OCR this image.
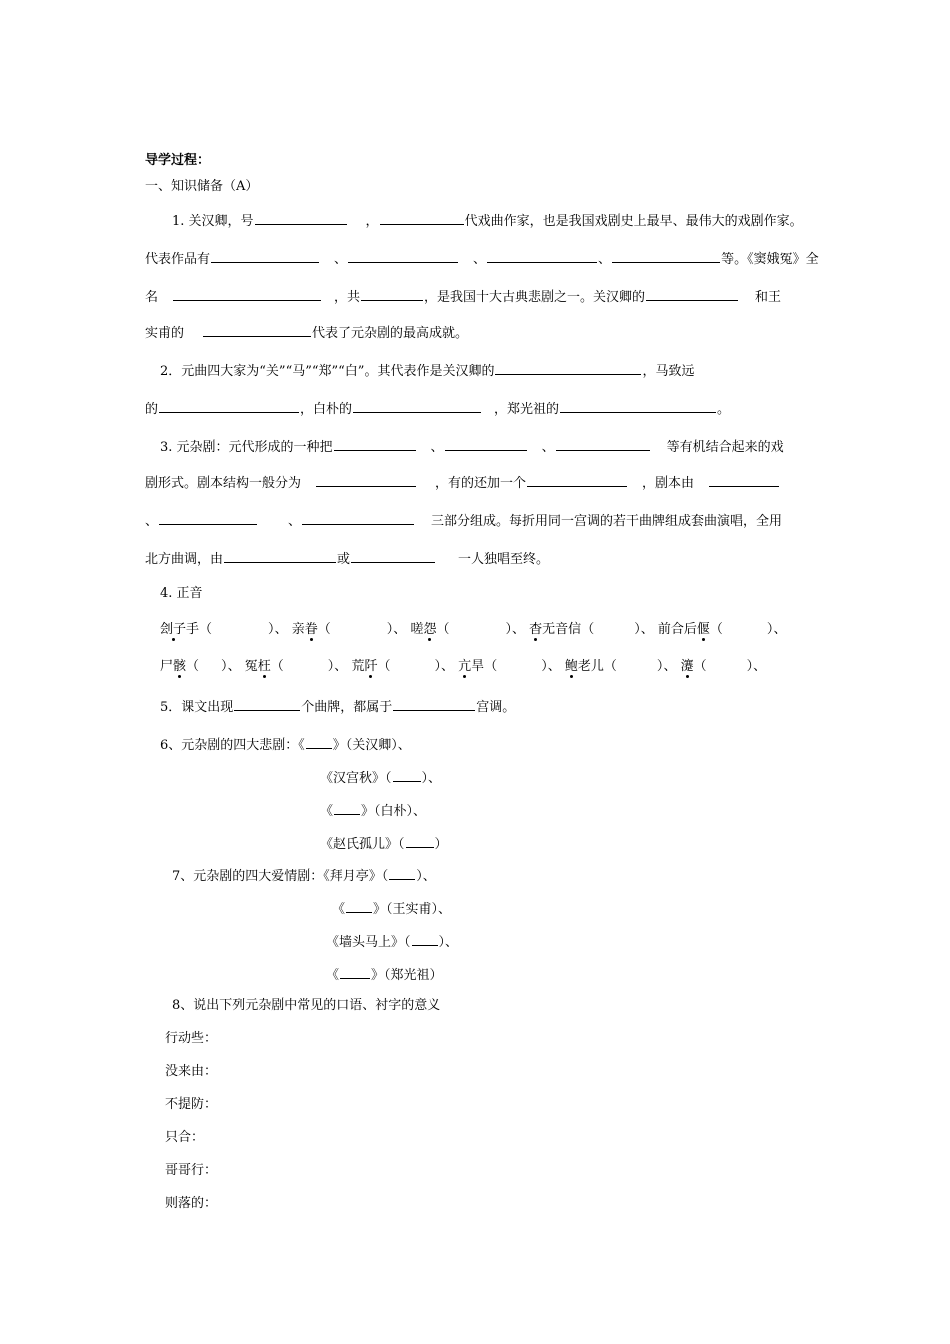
导学过程：
一、知识储备（A）
1. 关汉卿，号	，	代戏曲作家，也是我国戏剧史上最早、最伟大的戏剧作家。
代表作品有	、	、	、	等。《窦娥冤》全
名	，共	，是我国十大古典悲剧之一。关汉卿的	和王
实甫的	代表了元杂剧的最高成就。
2．元曲四大家为“关”“马”“郑”“白”。其代表作是关汉卿的	，马致远
的	，白朴的	，郑光祖的	。
3. 元杂剧：元代形成的一种把	、	、	等有机结合起来的戏
剧形式。剧本结构一般分为	，有的还加一个	，剧本由
、	、	三部分组成。每折用同一宫调的若干曲牌组成套曲演唱，全用
北方曲调，由	或	一人独唱至终。
4. 正音
刽子手（	）、 亲眷（	）、 嗟怨（	）、 杳无音信（	）、 前合后偃（	）、
尸骸（ ）、 冤枉（	）、 荒阡（	）、 亢旱（	）、 鲍老儿（	）、 瀽（	）、
5．课文出现	个曲牌，都属于	宫调。
6、元杂剧的四大悲剧：《 》（关汉卿）、
《汉宫秋》（ ）、
《 》（白朴）、
《赵氏孤儿》（ ）
7、元杂剧的四大爱情剧：《拜月亭》（ ）、
《 》（王实甫）、
《墙头马上》（ ）、
《 》（郑光祖）
8、说出下列元杂剧中常见的口语、衬字的意义
行动些：
没来由：
不提防：
只合：
哥哥行：
则落的：
